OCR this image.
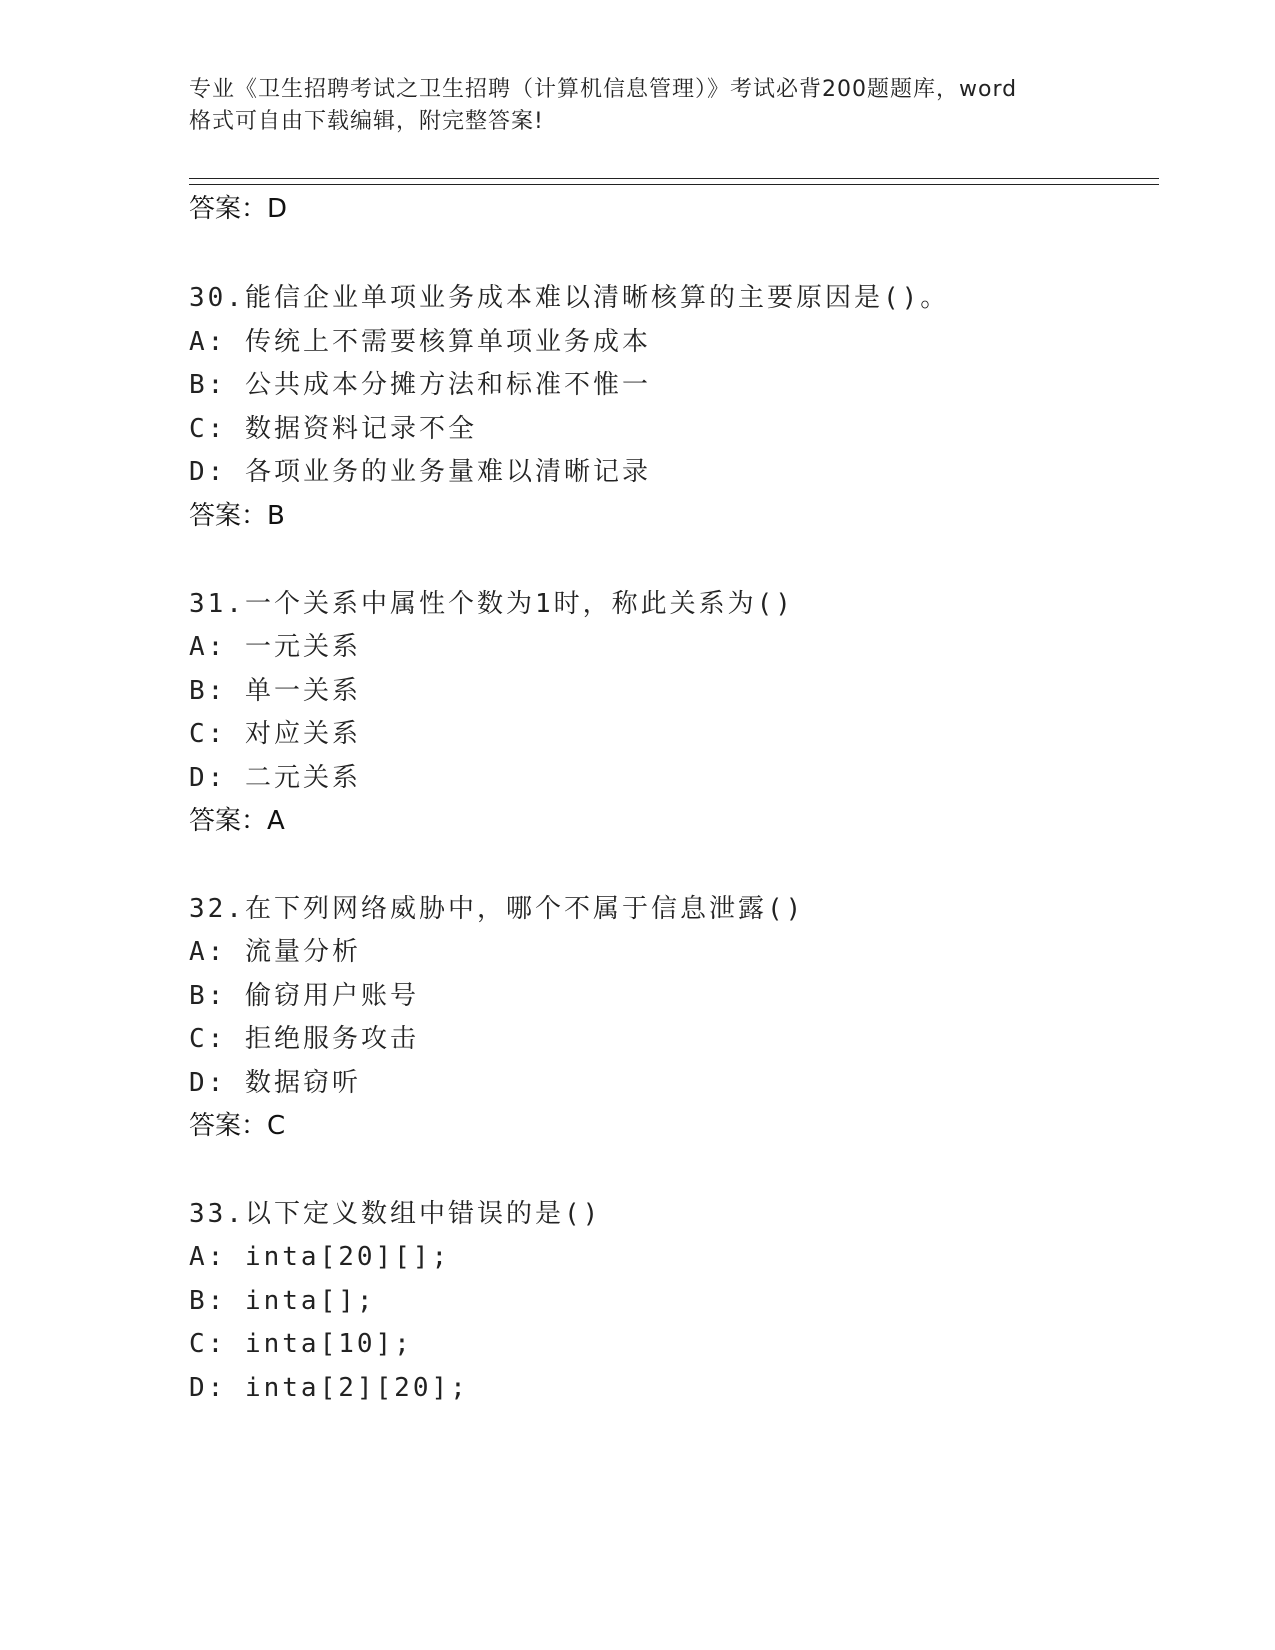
专业《卫生招聘考试之卫生招聘（计算机信息管理）》考试必背200题题库，word
格式可自由下载编辑，附完整答案!
答案：D
30.能信企业单项业务成本难以清晰核算的主要原因是()。
A: 传统上不需要核算单项业务成本
B: 公共成本分摊方法和标准不惟一
C: 数据资料记录不全
D: 各项业务的业务量难以清晰记录
答案：B
31.一个关系中属性个数为1时，称此关系为()
A: 一元关系
B: 单一关系
C: 对应关系
D: 二元关系
答案：A
32.在下列网络威胁中，哪个不属于信息泄露()
A: 流量分析
B: 偷窃用户账号
C: 拒绝服务攻击
D: 数据窃听
答案：C
33.以下定义数组中错误的是()
A: inta[20][];
B: inta[];
C: inta[10];
D: inta[2][20];
